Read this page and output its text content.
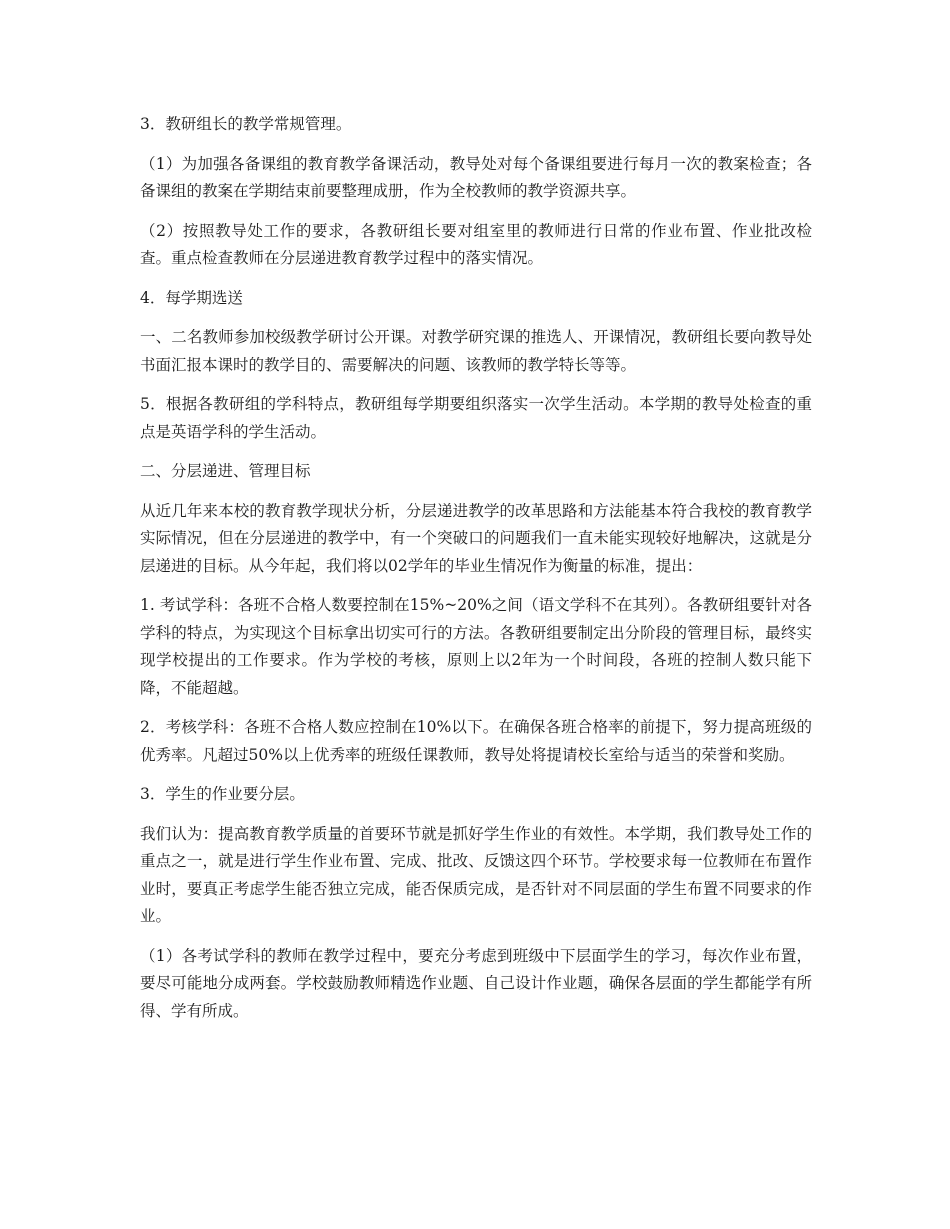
3．教研组长的教学常规管理。

（1）为加强各备课组的教育教学备课活动，教导处对每个备课组要进行每月一次的教案检查；各备课组的教案在学期结束前要整理成册，作为全校教师的教学资源共享。

（2）按照教导处工作的要求，各教研组长要对组室里的教师进行日常的作业布置、作业批改检查。重点检查教师在分层递进教育教学过程中的落实情况。

4．每学期选送

一、二名教师参加校级教学研讨公开课。对教学研究课的推选人、开课情况，教研组长要向教导处书面汇报本课时的教学目的、需要解决的问题、该教师的教学特长等等。

5．根据各教研组的学科特点，教研组每学期要组织落实一次学生活动。本学期的教导处检查的重点是英语学科的学生活动。

二、分层递进、管理目标

从近几年来本校的教育教学现状分析，分层递进教学的改革思路和方法能基本符合我校的教育教学实际情况，但在分层递进的教学中，有一个突破口的问题我们一直未能实现较好地解决，这就是分层递进的目标。从今年起，我们将以02学年的毕业生情况作为衡量的标准，提出：

1. 考试学科：各班不合格人数要控制在15%~20%之间（语文学科不在其列）。各教研组要针对各学科的特点，为实现这个目标拿出切实可行的方法。各教研组要制定出分阶段的管理目标，最终实现学校提出的工作要求。作为学校的考核，原则上以2年为一个时间段，各班的控制人数只能下降，不能超越。

2．考核学科：各班不合格人数应控制在10%以下。在确保各班合格率的前提下，努力提高班级的优秀率。凡超过50%以上优秀率的班级任课教师，教导处将提请校长室给与适当的荣誉和奖励。

3．学生的作业要分层。

我们认为：提高教育教学质量的首要环节就是抓好学生作业的有效性。本学期，我们教导处工作的重点之一，就是进行学生作业布置、完成、批改、反馈这四个环节。学校要求每一位教师在布置作业时，要真正考虑学生能否独立完成，能否保质完成，是否针对不同层面的学生布置不同要求的作业。

（1）各考试学科的教师在教学过程中，要充分考虑到班级中下层面学生的学习，每次作业布置，要尽可能地分成两套。学校鼓励教师精选作业题、自己设计作业题，确保各层面的学生都能学有所得、学有所成。
